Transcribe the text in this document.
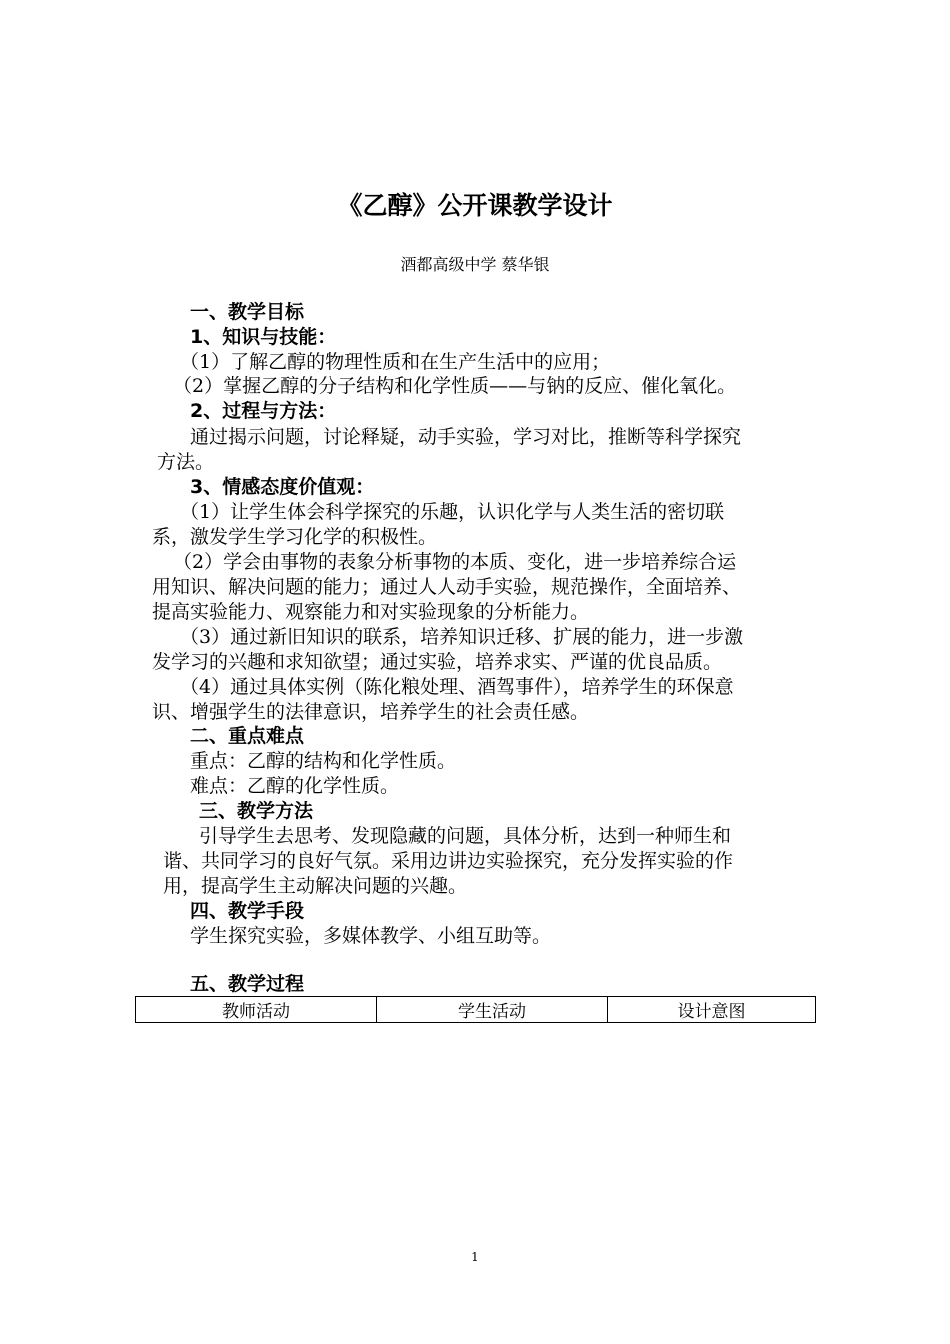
《乙醇》公开课教学设计
酒都高级中学 蔡华银
一、教学目标
1、知识与技能：
（1）了解乙醇的物理性质和在生产生活中的应用；
（2）掌握乙醇的分子结构和化学性质——与钠的反应、催化氧化。
2、过程与方法：
通过揭示问题，讨论释疑，动手实验，学习对比，推断等科学探究
方法。
3、情感态度价值观：
（1）让学生体会科学探究的乐趣，认识化学与人类生活的密切联
系，激发学生学习化学的积极性。
（2）学会由事物的表象分析事物的本质、变化，进一步培养综合运
用知识、解决问题的能力；通过人人动手实验，规范操作，全面培养、
提高实验能力、观察能力和对实验现象的分析能力。
（3）通过新旧知识的联系，培养知识迁移、扩展的能力，进一步激
发学习的兴趣和求知欲望；通过实验，培养求实、严谨的优良品质。
（4）通过具体实例（陈化粮处理、酒驾事件），培养学生的环保意
识、增强学生的法律意识，培养学生的社会责任感。
二、重点难点
重点：乙醇的结构和化学性质。
难点：乙醇的化学性质。
三、教学方法
引导学生去思考、发现隐藏的问题，具体分析，达到一种师生和
谐、共同学习的良好气氛。采用边讲边实验探究，充分发挥实验的作
用，提高学生主动解决问题的兴趣。
四、教学手段
学生探究实验，多媒体教学、小组互助等。
五、教学过程
教师活动	学生活动	设计意图
1
